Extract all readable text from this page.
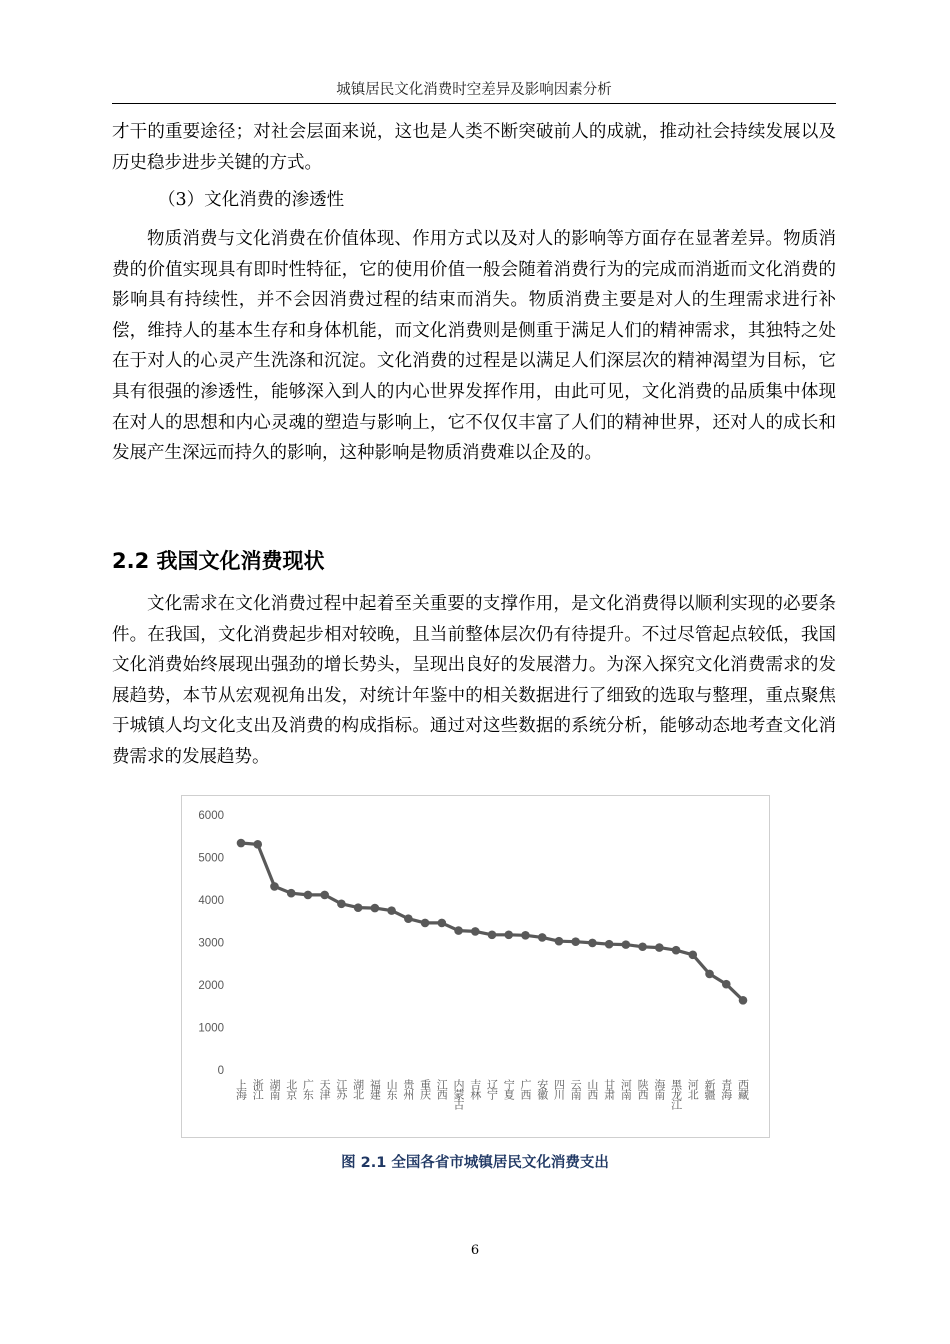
城镇居民文化消费时空差异及影响因素分析

才干的重要途径；对社会层面来说，这也是人类不断突破前人的成就，推动社会持续发展以及历史稳步进步关键的方式。

（3）文化消费的渗透性

物质消费与文化消费在价值体现、作用方式以及对人的影响等方面存在显著差异。物质消费的价值实现具有即时性特征，它的使用价值一般会随着消费行为的完成而消逝而文化消费的影响具有持续性，并不会因消费过程的结束而消失。物质消费主要是对人的生理需求进行补偿，维持人的基本生存和身体机能，而文化消费则是侧重于满足人们的精神需求，其独特之处在于对人的心灵产生洗涤和沉淀。文化消费的过程是以满足人们深层次的精神渴望为目标，它具有很强的渗透性，能够深入到人的内心世界发挥作用，由此可见，文化消费的品质集中体现在对人的思想和内心灵魂的塑造与影响上，它不仅仅丰富了人们的精神世界，还对人的成长和发展产生深远而持久的影响，这种影响是物质消费难以企及的。

2.2 我国文化消费现状

文化需求在文化消费过程中起着至关重要的支撑作用，是文化消费得以顺利实现的必要条件。在我国，文化消费起步相对较晚，且当前整体层次仍有待提升。不过尽管起点较低，我国文化消费始终展现出强劲的增长势头，呈现出良好的发展潜力。为深入探究文化消费需求的发展趋势，本节从宏观视角出发，对统计年鉴中的相关数据进行了细致的选取与整理，重点聚焦于城镇人均文化支出及消费的构成指标。通过对这些数据的系统分析，能够动态地考查文化消费需求的发展趋势。

0
1000
2000
3000
4000
5000
6000
上海 浙江 湖南 北京 广东 天津 江苏 湖北 福建 山东 贵州 重庆 江西 内蒙古 吉林 辽宁 宁夏 广西 安徽 四川 云南 山西 甘肃 河南 陕西 海南 黑龙江 河北 新疆 青海 西藏
图 2.1 全国各省市城镇居民文化消费支出
6
